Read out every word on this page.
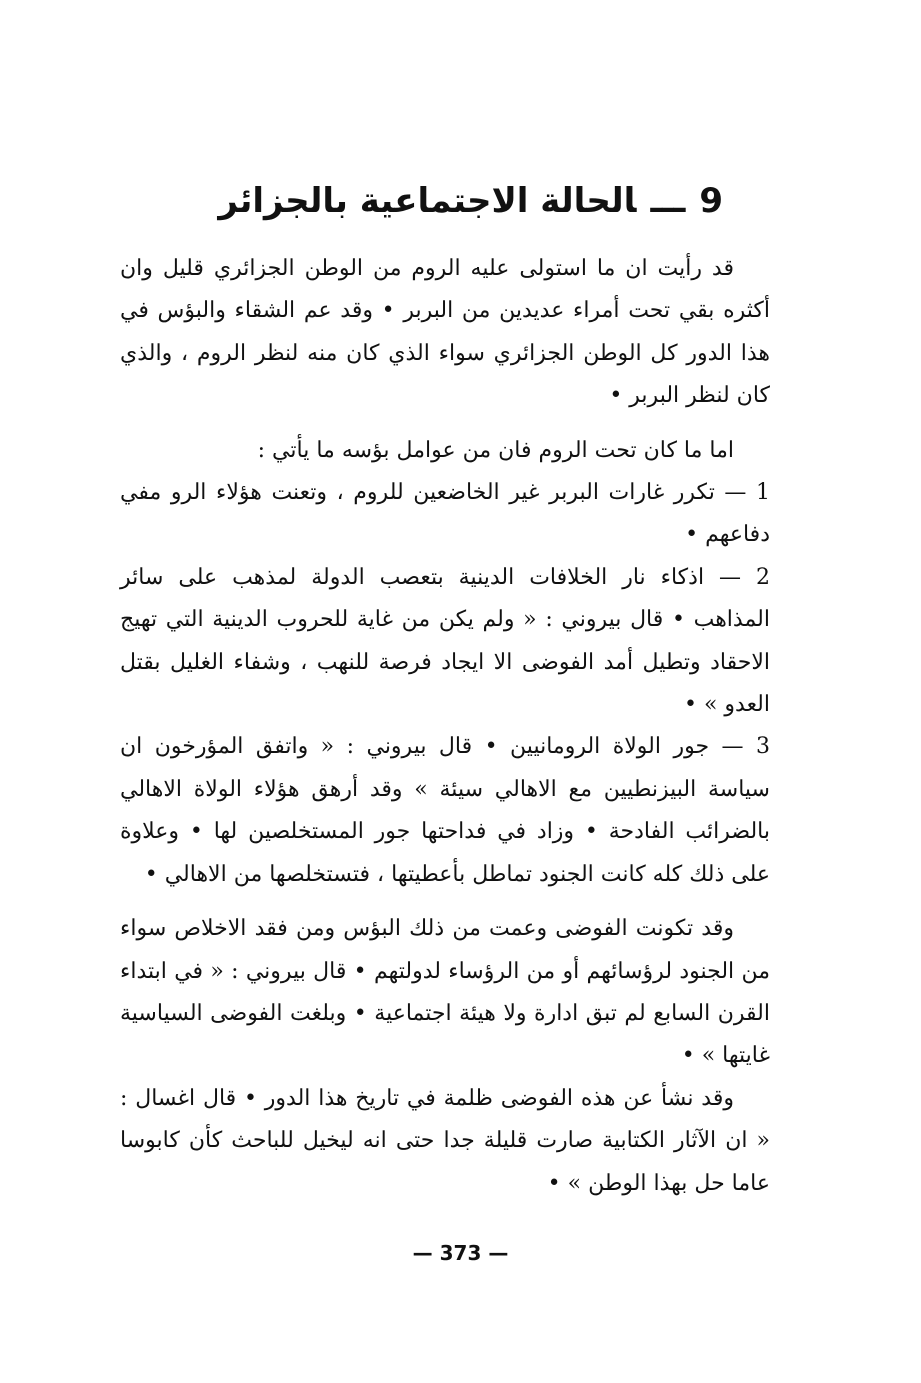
9ـــالحالة الاجتماعية بالجزائر

قد رأيت ان ما استولى عليه الروم من الوطن الجزائري قليل وان أكثره بقي تحت أمراء عديدين من البربر • وقد عم الشقاء والبؤس في هذا الدور كل الوطن الجزائري سواء الذي كان منه لنظر الروم ، والذي كان لنظر البربر •

اما ما كان تحت الروم فان من عوامل بؤسه ما يأتي :

1 — تكرر غارات البربر غير الخاضعين للروم ، وتعنت هؤلاء الرو مفي دفاعهم •

2 — اذكاء نار الخلافات الدينية بتعصب الدولة لمذهب على سائر المذاهب • قال بيروني : « ولم يكن من غاية للحروب الدينية التي تهيج الاحقاد وتطيل أمد الفوضى الا ايجاد فرصة للنهب ، وشفاء الغليل بقتل العدو » •

3 — جور الولاة الرومانيين • قال بيروني : « واتفق المؤرخون ان سياسة البيزنطيين مع الاهالي سيئة » وقد أرهق هؤلاء الولاة الاهالي بالضرائب الفادحة • وزاد في فداحتها جور المستخلصين لها • وعلاوة على ذلك كله كانت الجنود تماطل بأعطيتها ، فتستخلصها من الاهالي •

وقد تكونت الفوضى وعمت من ذلك البؤس ومن فقد الاخلاص سواء من الجنود لرؤسائهم أو من الرؤساء لدولتهم • قال بيروني : « في ابتداء القرن السابع لم تبق ادارة ولا هيئة اجتماعية • وبلغت الفوضى السياسية غايتها » •

وقد نشأ عن هذه الفوضى ظلمة في تاريخ هذا الدور • قال اغسال : « ان الآثار الكتابية صارت قليلة جدا حتى انه ليخيل للباحث كأن كابوسا عاما حل بهذا الوطن » •

— 373 —
